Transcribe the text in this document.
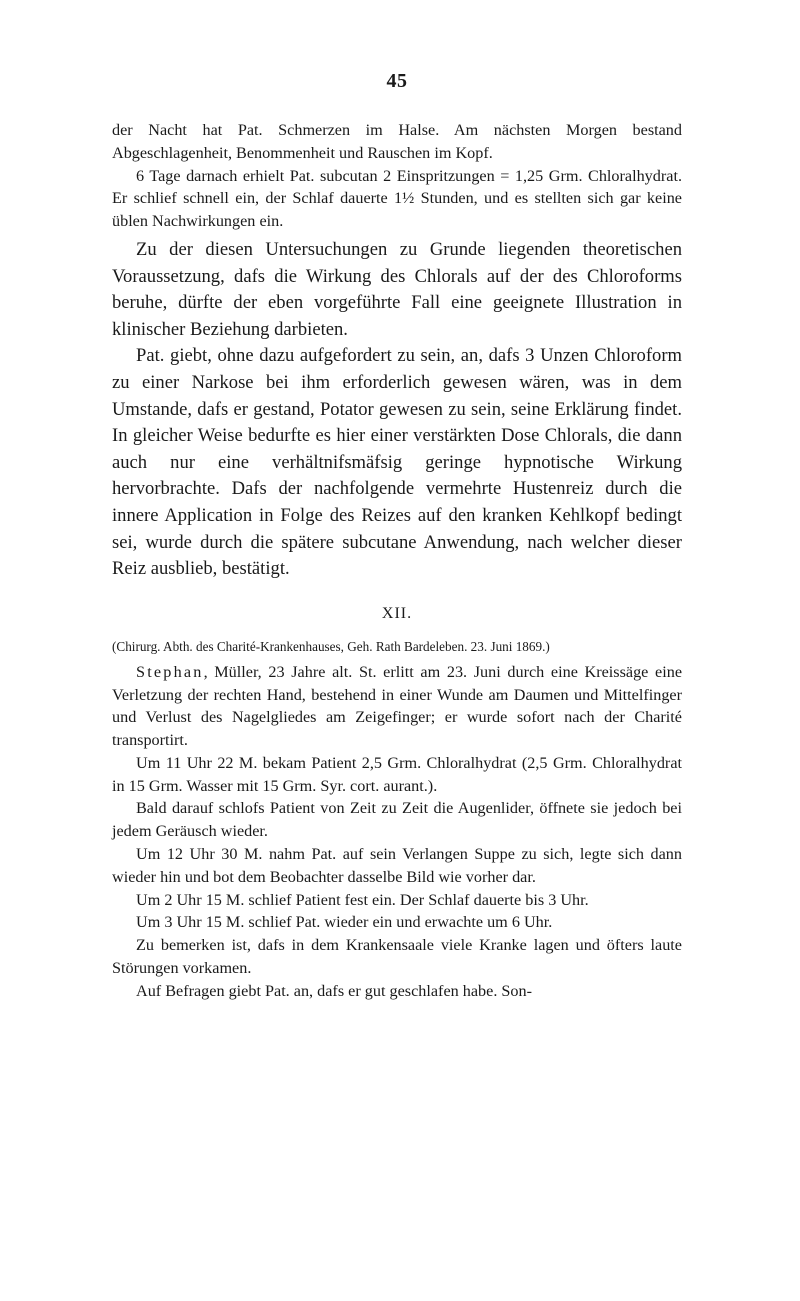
45

der Nacht hat Pat. Schmerzen im Halse. Am nächsten Morgen bestand Abgeschlagenheit, Benommenheit und Rauschen im Kopf.

6 Tage darnach erhielt Pat. subcutan 2 Einspritzungen = 1,25 Grm. Chloralhydrat. Er schlief schnell ein, der Schlaf dauerte 1½ Stunden, und es stellten sich gar keine üblen Nachwirkungen ein.

Zu der diesen Untersuchungen zu Grunde liegenden theoretischen Voraussetzung, dafs die Wirkung des Chlorals auf der des Chloroforms beruhe, dürfte der eben vorgeführte Fall eine geeignete Illustration in klinischer Beziehung darbieten.

Pat. giebt, ohne dazu aufgefordert zu sein, an, dafs 3 Unzen Chloroform zu einer Narkose bei ihm erforderlich gewesen wären, was in dem Umstande, dafs er gestand, Potator gewesen zu sein, seine Erklärung findet. In gleicher Weise bedurfte es hier einer verstärkten Dose Chlorals, die dann auch nur eine verhältnifsmäfsig geringe hypnotische Wirkung hervorbrachte. Dafs der nachfolgende vermehrte Hustenreiz durch die innere Application in Folge des Reizes auf den kranken Kehlkopf bedingt sei, wurde durch die spätere subcutane Anwendung, nach welcher dieser Reiz ausblieb, bestätigt.

XII.

(Chirurg. Abth. des Charité-Krankenhauses, Geh. Rath Bardeleben. 23. Juni 1869.)

Stephan, Müller, 23 Jahre alt. St. erlitt am 23. Juni durch eine Kreissäge eine Verletzung der rechten Hand, bestehend in einer Wunde am Daumen und Mittelfinger und Verlust des Nagelgliedes am Zeigefinger; er wurde sofort nach der Charité transportirt.

Um 11 Uhr 22 M. bekam Patient 2,5 Grm. Chloralhydrat (2,5 Grm. Chloralhydrat in 15 Grm. Wasser mit 15 Grm. Syr. cort. aurant.).

Bald darauf schlofs Patient von Zeit zu Zeit die Augenlider, öffnete sie jedoch bei jedem Geräusch wieder.

Um 12 Uhr 30 M. nahm Pat. auf sein Verlangen Suppe zu sich, legte sich dann wieder hin und bot dem Beobachter dasselbe Bild wie vorher dar.

Um 2 Uhr 15 M. schlief Patient fest ein. Der Schlaf dauerte bis 3 Uhr.

Um 3 Uhr 15 M. schlief Pat. wieder ein und erwachte um 6 Uhr.

Zu bemerken ist, dafs in dem Krankensaale viele Kranke lagen und öfters laute Störungen vorkamen.

Auf Befragen giebt Pat. an, dafs er gut geschlafen habe. Son-
